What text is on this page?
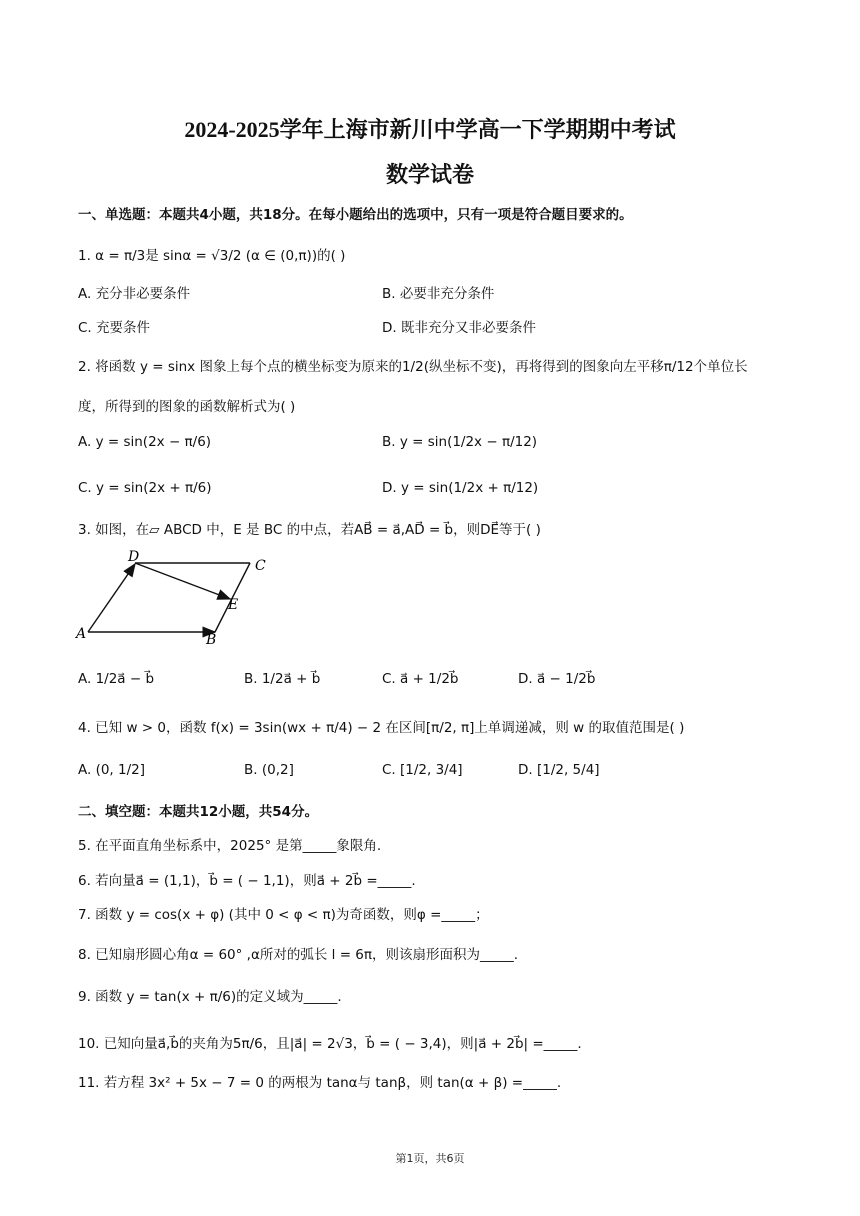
2024-2025学年上海市新川中学高一下学期期中考试
数学试卷
一、单选题：本题共4小题，共18分。在每小题给出的选项中，只有一项是符合题目要求的。
1. α = π/3是 sinα = √3/2 (α ∈ (0,π))的( )
A. 充分非必要条件	B. 必要非充分条件
C. 充要条件	D. 既非充分又非必要条件
2. 将函数 y = sinx 图象上每个点的横坐标变为原来的1/2(纵坐标不变)，再将得到的图象向左平移π/12个单位长
度，所得到的图象的函数解析式为( )
A. y = sin(2x − π/6)	B. y = sin(1/2x − π/12)
C. y = sin(2x + π/6)	D. y = sin(1/2x + π/12)
3. 如图，在▱ ABCD 中，E 是 BC 的中点，若AB⃗ = a⃗,AD⃗ = b⃗，则DE⃗等于( )
A	B
C
D
E
A. 1/2a⃗ − b⃗	B. 1/2a⃗ + b⃗	C. a⃗ + 1/2b⃗	D. a⃗ − 1/2b⃗
4. 已知 w > 0，函数 f(x) = 3sin(wx + π/4) − 2 在区间[π/2, π]上单调递减，则 w 的取值范围是( )
A. (0, 1/2]	B. (0,2]	C. [1/2, 3/4]	D. [1/2, 5/4]
二、填空题：本题共12小题，共54分。
5. 在平面直角坐标系中，2025° 是第_____象限角.
6. 若向量a⃗ = (1,1)，b⃗ = ( − 1,1)，则a⃗ + 2b⃗ =_____.
7. 函数 y = cos(x + φ) (其中 0 < φ < π)为奇函数，则φ =_____；
8. 已知扇形圆心角α = 60° ,α所对的弧长 l = 6π，则该扇形面积为_____.
9. 函数 y = tan(x + π/6)的定义域为_____.
10. 已知向量a⃗,b⃗的夹角为5π/6，且|a⃗| = 2√3，b⃗ = ( − 3,4)，则|a⃗ + 2b⃗| =_____.
11. 若方程 3x² + 5x − 7 = 0 的两根为 tanα与 tanβ，则 tan(α + β) =_____.
第1页，共6页
